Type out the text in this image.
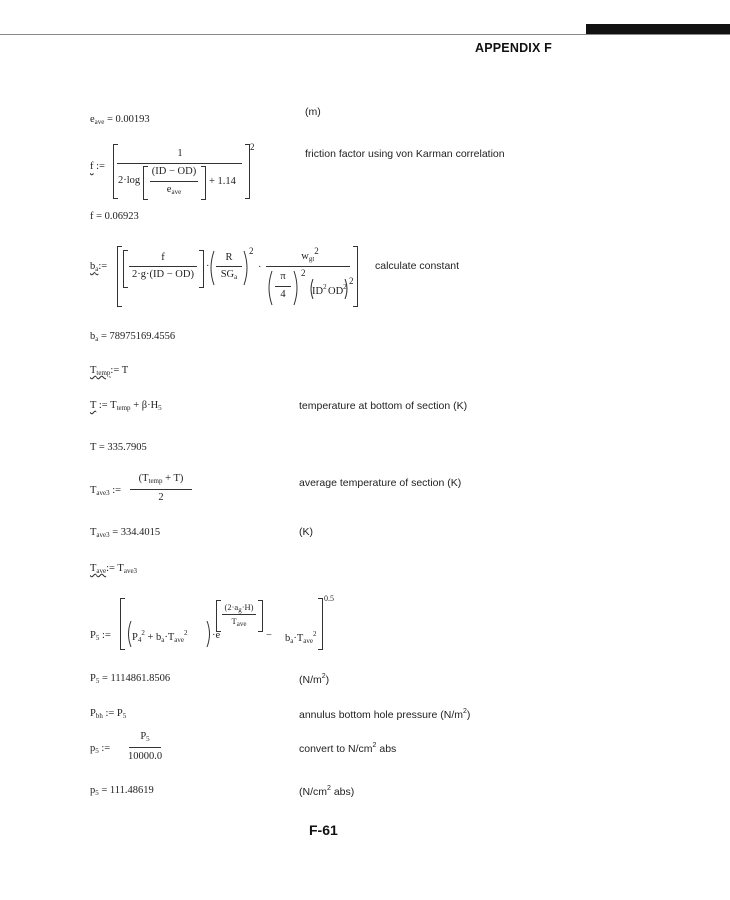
APPENDIX F
$e_{ave} = 0.00193$
(m)
f :=
$^2$
1
2·log
(ID − OD)
$e_{ave}$
+ 1.14
friction factor using von Karman correlation
f = 0.06923
$b_a:=$
f
2·g·(ID − OD)
·
R
$SG_a$
$^2$
·
$w_{gt}^2$
π
4
$^2$
$ID^2$ $OD^2$
$^2$
calculate constant
$b_a = 78975169.4556$
$T_{temp}:= T$
T := $T_{temp} + \beta\cdot H_5$	temperature at bottom of section (K)
T = 335.7905
$T_{ave3}$ :=
$(T_{temp} + T)$
2
average temperature of section (K)
$T_{ave3} = 334.4015$	(K)
$T_{ave}:= T_{ave3}$
$P_5$ :=
$^{0.5}$
$P_4^2 + b_a\cdot T_{ave}^2 \cdot e$
$(2\cdot a_g\cdot H)$
$T_{ave}$
− $b_a\cdot T_{ave}^2$
$P_5 = 1114861.8506$	$(N/m^2)$
$P_{bh}$ := $P_5$	annulus bottom hole pressure $(N/m^2)$
$p_5$ :=
$P_5$
10000.0
convert to $N/cm^2$ abs
$p_5 = 111.48619$	($N/cm^2$ abs)
F-61
